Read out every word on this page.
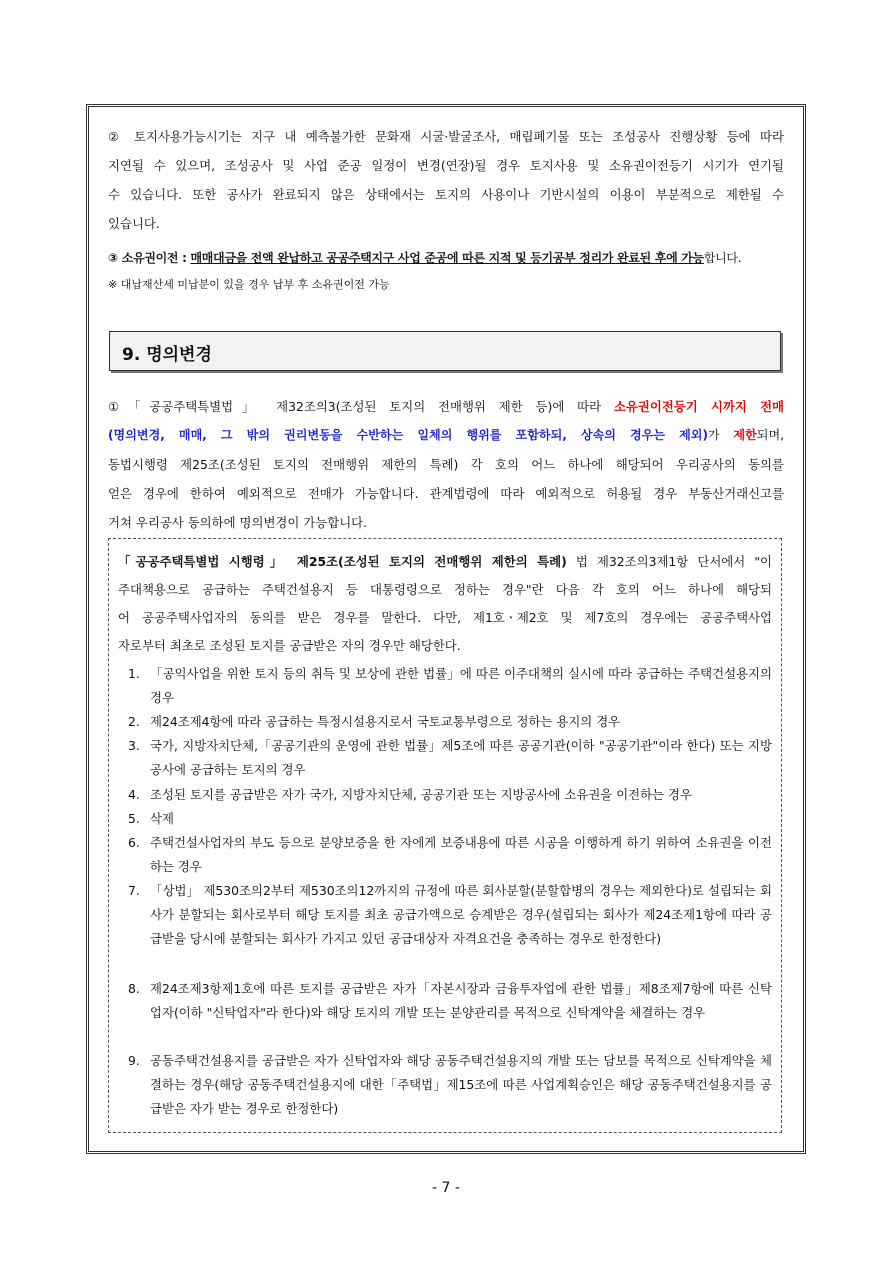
② 토지사용가능시기는 지구 내 예측불가한 문화재 시굴·발굴조사, 매립폐기물 또는 조성공사 진행상황 등에 따라
지연될 수 있으며, 조성공사 및 사업 준공 일정이 변경(연장)될 경우 토지사용 및 소유권이전등기 시기가 연기될
수 있습니다. 또한 공사가 완료되지 않은 상태에서는 토지의 사용이나 기반시설의 이용이 부분적으로 제한될 수
있습니다.
③ 소유권이전 : 매매대금을 전액 완납하고 공공주택지구 사업 준공에 따른 지적 및 등기공부 정리가 완료된 후에 가능합니다.
※ 대납재산세 미납분이 있을 경우 납부 후 소유권이전 가능
9. 명의변경
①「공공주택특별법」 제32조의3(조성된 토지의 전매행위 제한 등)에 따라 소유권이전등기 시까지 전매
(명의변경, 매매, 그 밖의 권리변동을 수반하는 일체의 행위를 포함하되, 상속의 경우는 제외)가 제한되며,
동법시행령 제25조(조성된 토지의 전매행위 제한의 특례) 각 호의 어느 하나에 해당되어 우리공사의 동의를
얻은 경우에 한하여 예외적으로 전매가 가능합니다. 관계법령에 따라 예외적으로 허용될 경우 부동산거래신고를
거쳐 우리공사 동의하에 명의변경이 가능합니다.
「공공주택특별법 시행령」 제25조(조성된 토지의 전매행위 제한의 특례) 법 제32조의3제1항 단서에서 "이
주대책용으로 공급하는 주택건설용지 등 대통령령으로 정하는 경우"란 다음 각 호의 어느 하나에 해당되
어 공공주택사업자의 동의를 받은 경우를 말한다. 다만, 제1호ㆍ제2호 및 제7호의 경우에는 공공주택사업
자로부터 최초로 조성된 토지를 공급받은 자의 경우만 해당한다.
1. 「공익사업을 위한 토지 등의 취득 및 보상에 관한 법률」에 따른 이주대책의 실시에 따라 공급하는 주택건설용지의 경우
2. 제24조제4항에 따라 공급하는 특정시설용지로서 국토교통부령으로 정하는 용지의 경우
3. 국가, 지방자치단체,「공공기관의 운영에 관한 법률」제5조에 따른 공공기관(이하 "공공기관"이라 한다) 또는 지방공사에 공급하는 토지의 경우
4. 조성된 토지를 공급받은 자가 국가, 지방자치단체, 공공기관 또는 지방공사에 소유권을 이전하는 경우
5. 삭제
6. 주택건설사업자의 부도 등으로 분양보증을 한 자에게 보증내용에 따른 시공을 이행하게 하기 위하여 소유권을 이전하는 경우
7. 「상법」 제530조의2부터 제530조의12까지의 규정에 따른 회사분할(분할합병의 경우는 제외한다)로 설립되는 회사가 분할되는 회사로부터 해당 토지를 최초 공급가액으로 승계받은 경우(설립되는 회사가 제24조제1항에 따라 공급받을 당시에 분할되는 회사가 가지고 있던 공급대상자 자격요건을 충족하는 경우로 한정한다)
8. 제24조제3항제1호에 따른 토지를 공급받은 자가「자본시장과 금융투자업에 관한 법률」제8조제7항에 따른 신탁업자(이하 "신탁업자"라 한다)와 해당 토지의 개발 또는 분양관리를 목적으로 신탁계약을 체결하는 경우
9. 공동주택건설용지를 공급받은 자가 신탁업자와 해당 공동주택건설용지의 개발 또는 담보를 목적으로 신탁계약을 체결하는 경우(해당 공동주택건설용지에 대한「주택법」제15조에 따른 사업계획승인은 해당 공동주택건설용지를 공급받은 자가 받는 경우로 한정한다)
- 7 -
